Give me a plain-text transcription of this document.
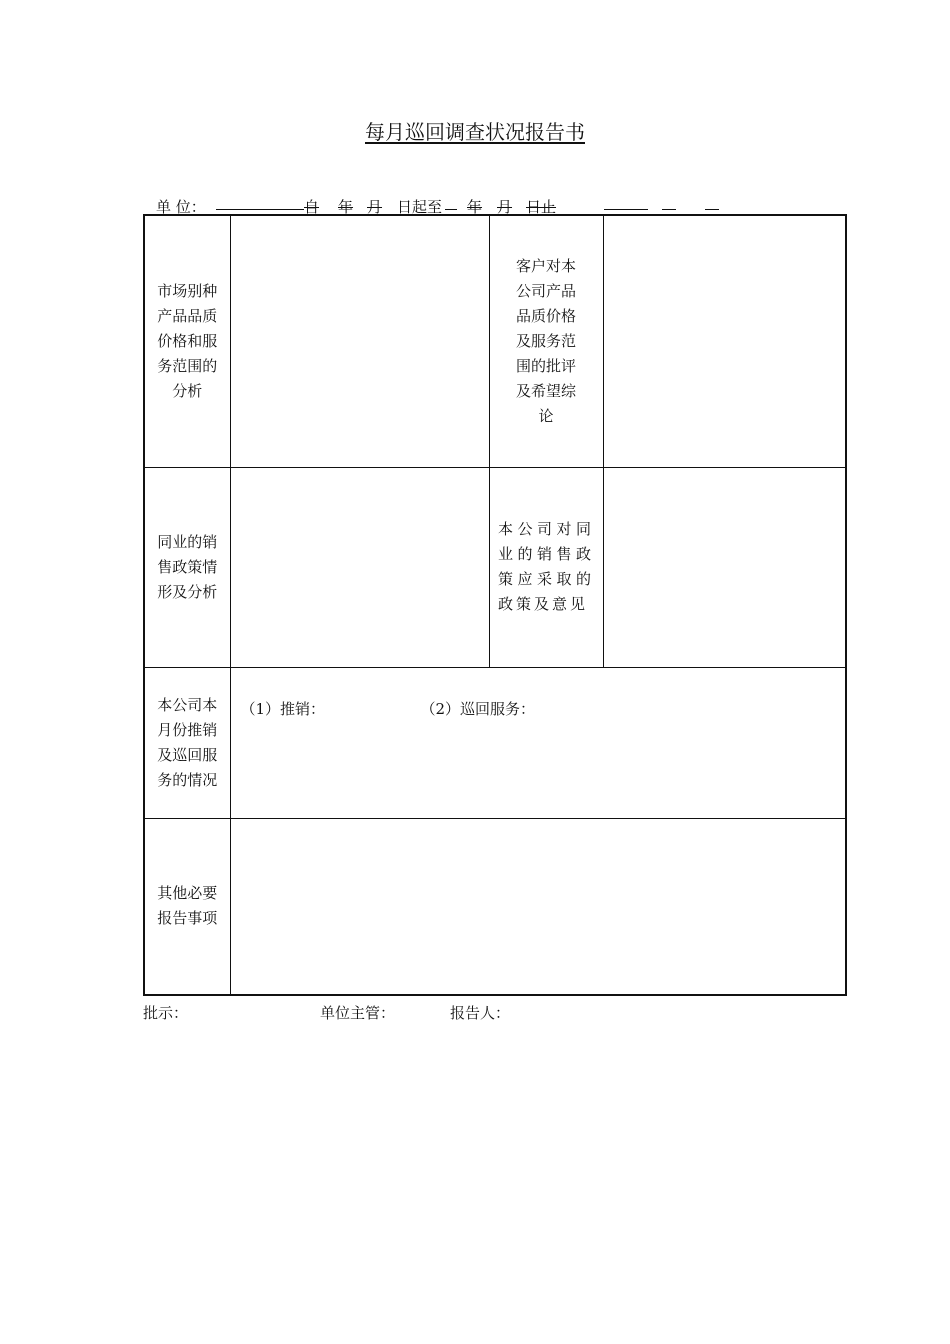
每月巡回调查状况报告书
单 位：	自 年 月 日起至 年 月 日止
市场别种产品品质价格和服务范围的分析		客户对本公司产品品质价格及服务范围的批评及希望综论	

同业的销售政策情形及分析		本公司对同业的销售政策应采取的政策及意见	

本公司本月份推销及巡回服务的情况	（1）推销： （2）巡回服务：		

其他必要报告事项			

批示：	单位主管：	报告人：
